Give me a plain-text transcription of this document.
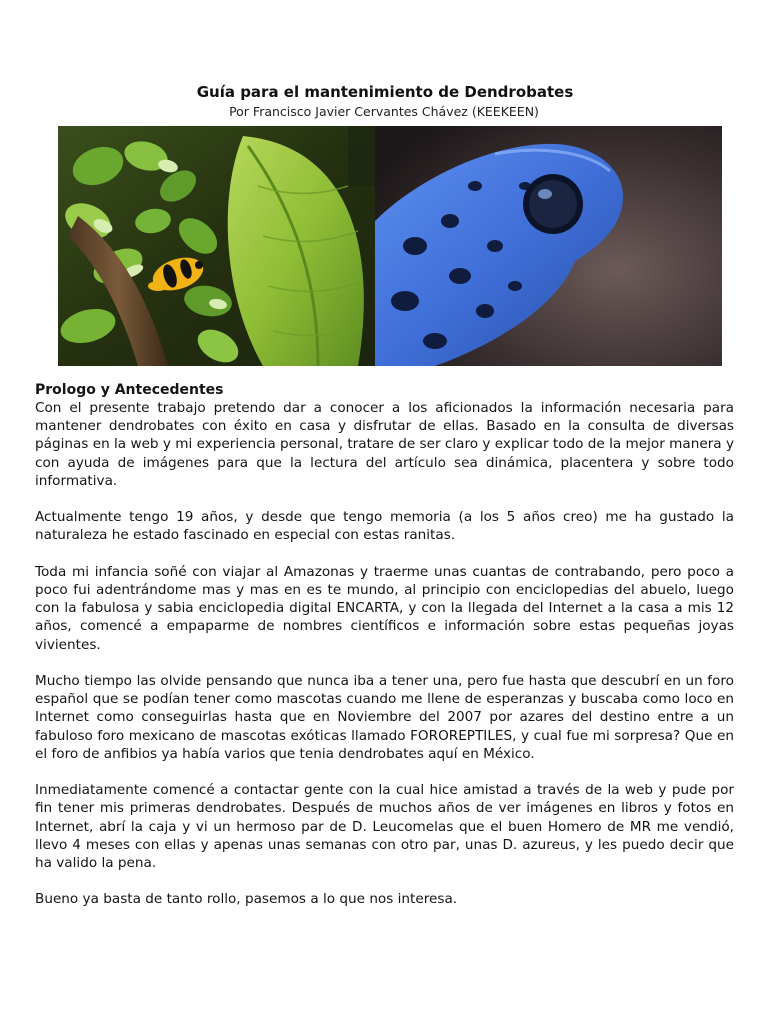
Guía para el mantenimiento de Dendrobates
Por Francisco Javier Cervantes Chávez (KEEKEEN)
Prologo y Antecedentes

Con el presente trabajo pretendo dar a conocer a los aficionados la información necesaria para mantener dendrobates con éxito en casa y disfrutar de ellas. Basado en la consulta de diversas páginas en la web y mi experiencia personal, tratare de ser claro y explicar todo de la mejor manera y con ayuda de imágenes para que la lectura del artículo sea dinámica, placentera y sobre todo informativa.

Actualmente tengo 19 años, y desde que tengo memoria (a los 5 años creo) me ha gustado la naturaleza he estado fascinado en especial con estas ranitas.

Toda mi infancia soñé con viajar al Amazonas y traerme unas cuantas de contrabando, pero poco a poco fui adentrándome mas y mas en es te mundo, al principio con enciclopedias del abuelo, luego con la fabulosa y sabia enciclopedia digital ENCARTA, y con la llegada del Internet a la casa a mis 12 años, comencé a empaparme de nombres científicos e información sobre estas pequeñas joyas vivientes.

Mucho tiempo las olvide pensando que nunca iba a tener una, pero fue hasta que descubrí en un foro español que se podían tener como mascotas cuando me llene de esperanzas y buscaba como loco en Internet como conseguirlas hasta que en Noviembre del 2007 por azares del destino entre a un fabuloso foro mexicano de mascotas exóticas llamado FOROREPTILES, y cual fue mi sorpresa? Que en el foro de anfibios ya había varios que tenia dendrobates aquí en México.

Inmediatamente comencé a contactar gente con la cual hice amistad a través de la web y pude por fin tener mis primeras dendrobates. Después de muchos años de ver imágenes en libros y fotos en Internet, abrí la caja y vi un hermoso par de D. Leucomelas que el buen Homero de MR me vendió, llevo 4 meses con ellas y apenas unas semanas con otro par, unas D. azureus, y les puedo decir que ha valido la pena.

Bueno ya basta de tanto rollo, pasemos a lo que nos interesa.
